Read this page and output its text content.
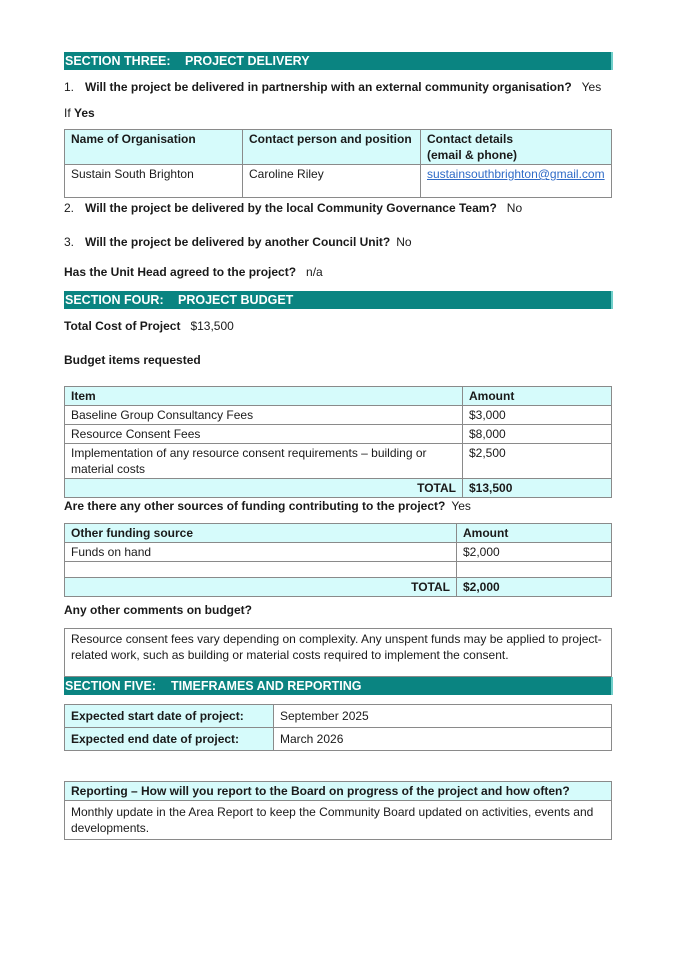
SECTION THREE: PROJECT DELIVERY
1. Will the project be delivered in partnership with an external community organisation? Yes
If Yes
Name of Organisation	Contact person and position	Contact details
(email & phone)
Sustain South Brighton	Caroline Riley	sustainsouthbrighton@gmail.com
2. Will the project be delivered by the local Community Governance Team? No
3. Will the project be delivered by another Council Unit? No
Has the Unit Head agreed to the project? n/a
SECTION FOUR: PROJECT BUDGET
Total Cost of Project $13,500
Budget items requested
Item	Amount
Baseline Group Consultancy Fees	$3,000
Resource Consent Fees	$8,000
Implementation of any resource consent requirements – building or material costs	$2,500
TOTAL	$13,500
Are there any other sources of funding contributing to the project? Yes
Other funding source	Amount
Funds on hand	$2,000

TOTAL	$2,000
Any other comments on budget?
Resource consent fees vary depending on complexity. Any unspent funds may be applied to project-related work, such as building or material costs required to implement the consent.
SECTION FIVE: TIMEFRAMES AND REPORTING
Expected start date of project:	September 2025
Expected end date of project:	March 2026
Reporting – How will you report to the Board on progress of the project and how often?
Monthly update in the Area Report to keep the Community Board updated on activities, events and developments.
